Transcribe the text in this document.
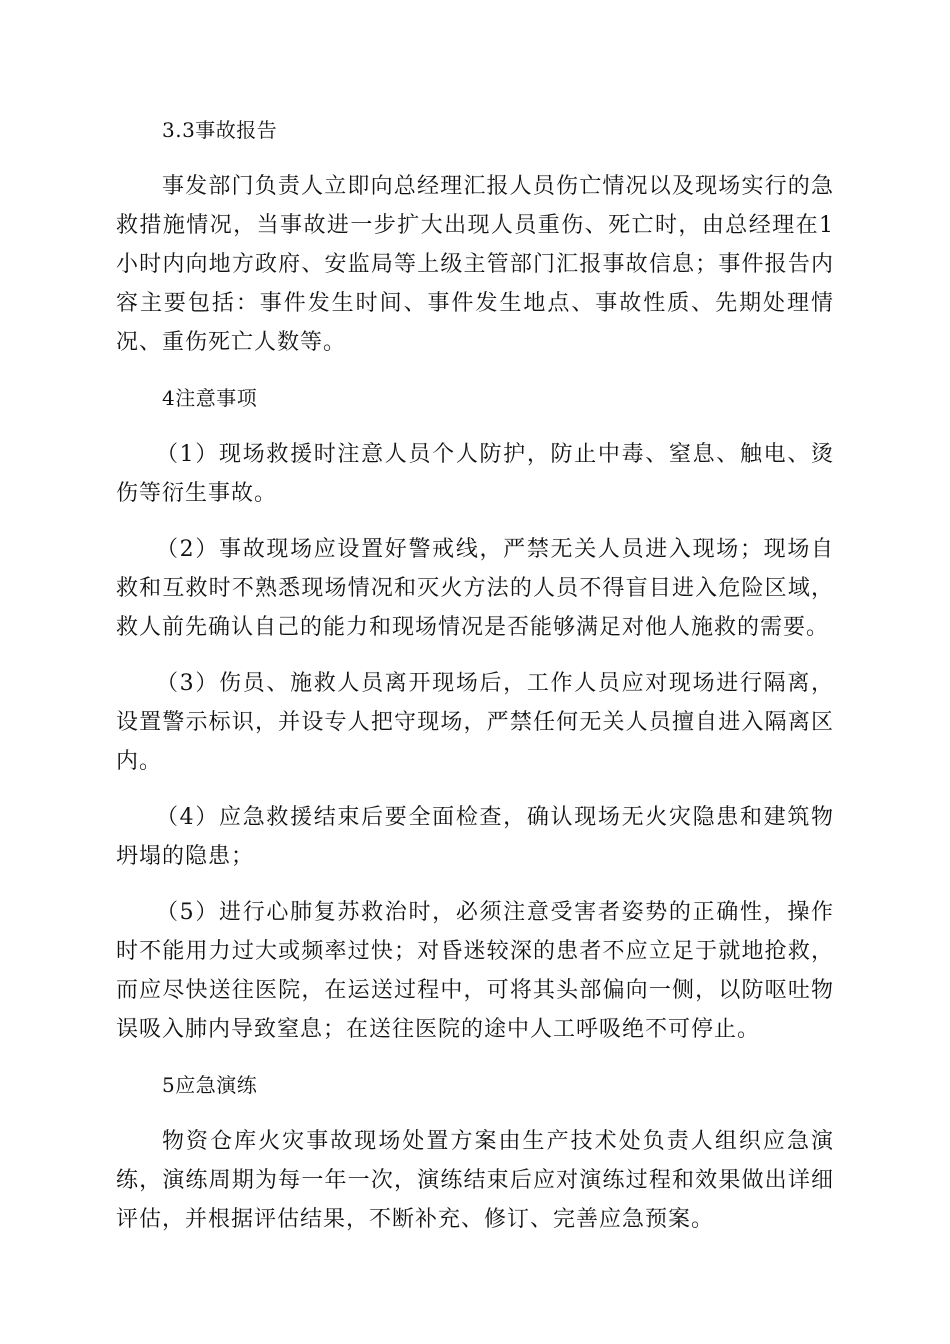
3.3事故报告
事发部门负责人立即向总经理汇报人员伤亡情况以及现场实行的急救措施情况，当事故进一步扩大出现人员重伤、死亡时，由总经理在1小时内向地方政府、安监局等上级主管部门汇报事故信息；事件报告内容主要包括：事件发生时间、事件发生地点、事故性质、先期处理情况、重伤死亡人数等。
4注意事项
（1）现场救援时注意人员个人防护，防止中毒、窒息、触电、烫伤等衍生事故。
（2）事故现场应设置好警戒线，严禁无关人员进入现场；现场自救和互救时不熟悉现场情况和灭火方法的人员不得盲目进入危险区域，救人前先确认自己的能力和现场情况是否能够满足对他人施救的需要。
（3）伤员、施救人员离开现场后，工作人员应对现场进行隔离，设置警示标识，并设专人把守现场，严禁任何无关人员擅自进入隔离区内。
（4）应急救援结束后要全面检查，确认现场无火灾隐患和建筑物坍塌的隐患；
（5）进行心肺复苏救治时，必须注意受害者姿势的正确性，操作时不能用力过大或频率过快；对昏迷较深的患者不应立足于就地抢救，而应尽快送往医院，在运送过程中，可将其头部偏向一侧，以防呕吐物误吸入肺内导致窒息；在送往医院的途中人工呼吸绝不可停止。
5应急演练
物资仓库火灾事故现场处置方案由生产技术处负责人组织应急演练，演练周期为每一年一次，演练结束后应对演练过程和效果做出详细评估，并根据评估结果，不断补充、修订、完善应急预案。
